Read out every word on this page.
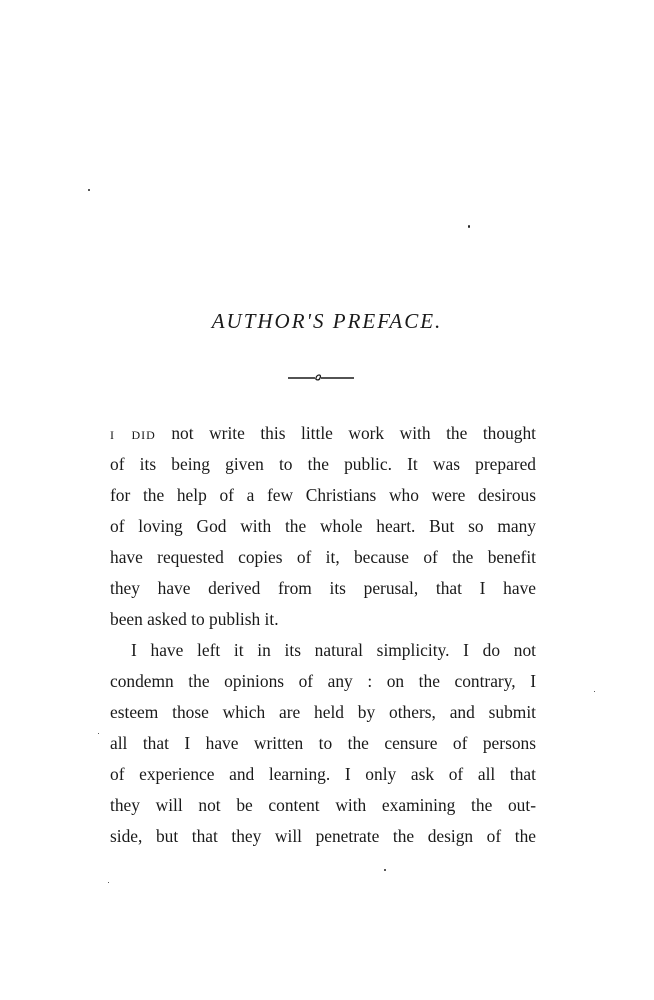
AUTHOR'S PREFACE.
i did not write this little work with the thought
of its being given to the public. It was prepared
for the help of a few Christians who were desirous
of loving God with the whole heart. But so many
have requested copies of it, because of the benefit
they have derived from its perusal, that I have
been asked to publish it.
I have left it in its natural simplicity. I do not
condemn the opinions of any : on the contrary, I
esteem those which are held by others, and submit
all that I have written to the censure of persons
of experience and learning. I only ask of all that
they will not be content with examining the out-
side, but that they will penetrate the design of the
